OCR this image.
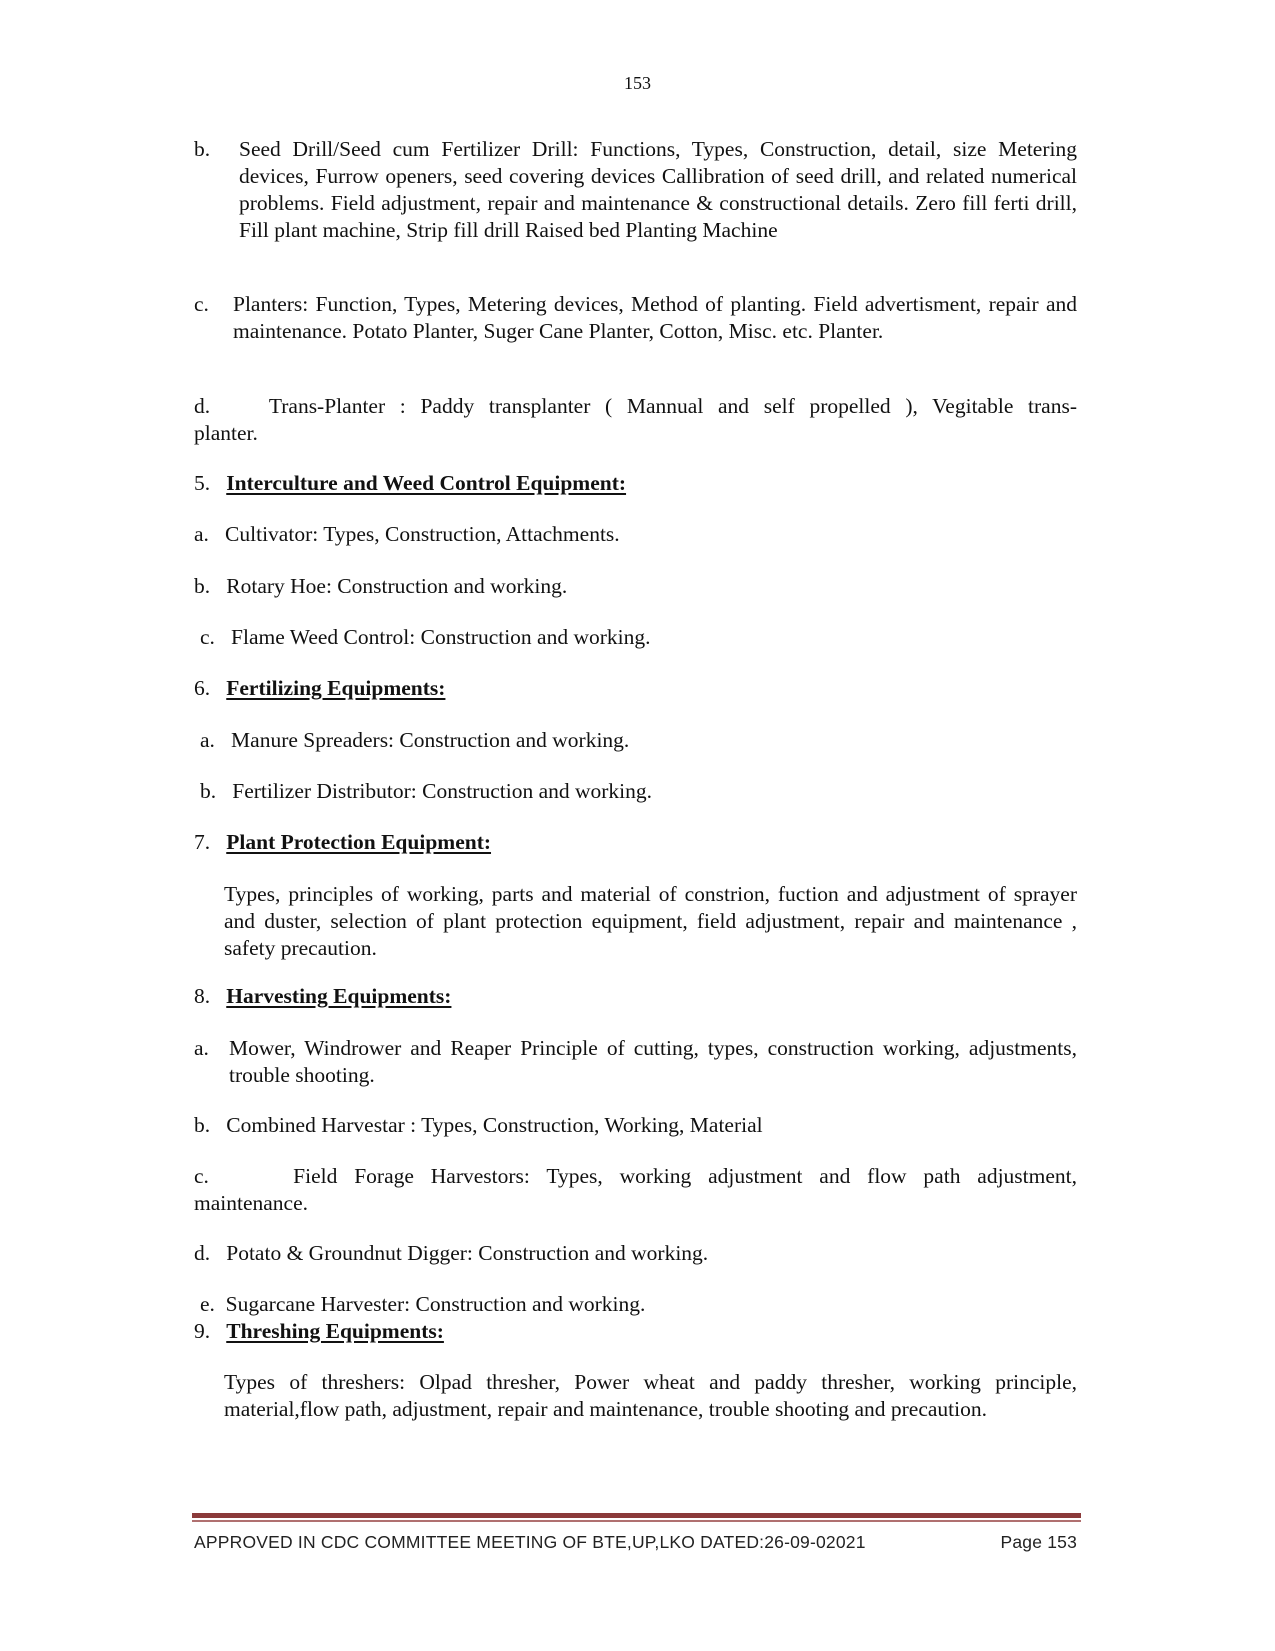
153
b.	Seed Drill/Seed cum Fertilizer Drill: Functions, Types, Construction, detail, size Metering devices, Furrow openers, seed covering devices Callibration of seed drill, and related numerical problems. Field adjustment, repair and maintenance & constructional details. Zero fill ferti drill, Fill plant machine, Strip fill drill Raised bed Planting Machine
c.	Planters: Function, Types, Metering devices, Method of planting. Field advertisment, repair and maintenance. Potato Planter, Suger Cane Planter, Cotton, Misc. etc. Planter.
d.	Trans-Planter : Paddy transplanter ( Mannual and self propelled ), Vegitable trans-
planter.
5. Interculture and Weed Control Equipment:
a. Cultivator: Types, Construction, Attachments.
b. Rotary Hoe: Construction and working.
c. Flame Weed Control: Construction and working.
6. Fertilizing Equipments:
a. Manure Spreaders: Construction and working.
b. Fertilizer Distributor: Construction and working.
7. Plant Protection Equipment:
Types, principles of working, parts and material of constrion, fuction and adjustment of sprayer and duster, selection of plant protection equipment, field adjustment, repair and maintenance , safety precaution.
8. Harvesting Equipments:
a. Mower, Windrower and Reaper Principle of cutting, types, construction working, adjustments, trouble shooting.
b. Combined Harvestar : Types, Construction, Working, Material
c.	Field Forage Harvestors: Types, working adjustment and flow path adjustment,
maintenance.
d. Potato & Groundnut Digger: Construction and working.
e. Sugarcane Harvester: Construction and working.
9. Threshing Equipments:
Types of threshers: Olpad thresher, Power wheat and paddy thresher, working principle, material,flow path, adjustment, repair and maintenance, trouble shooting and precaution.
APPROVED IN CDC COMMITTEE MEETING OF BTE,UP,LKO DATED:26-09-02021	Page 153
